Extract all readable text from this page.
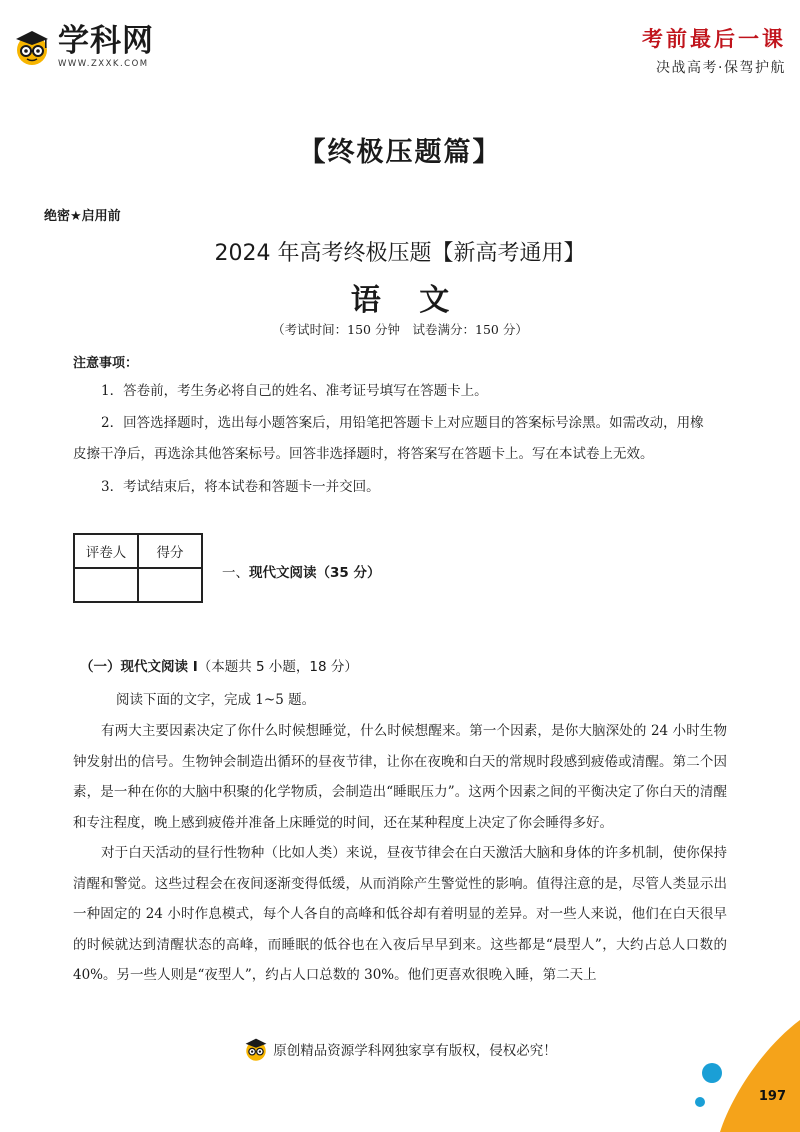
学科网
WWW.ZXXK.COM
考前最后一课
决战高考·保驾护航
【终极压题篇】
绝密★启用前
2024 年高考终极压题【新高考通用】
语 文
（考试时间：150 分钟　试卷满分：150 分）
注意事项：
1．答卷前，考生务必将自己的姓名、准考证号填写在答题卡上。
2．回答选择题时，选出每小题答案后，用铅笔把答题卡上对应题目的答案标号涂黑。如需改动，用橡
皮擦干净后，再选涂其他答案标号。回答非选择题时，将答案写在答题卡上。写在本试卷上无效。
3．考试结束后，将本试卷和答题卡一并交回。
评卷人	得分

一、现代文阅读（35 分）
（一）现代文阅读 I（本题共 5 小题，18 分）
阅读下面的文字，完成 1~5 题。

有两大主要因素决定了你什么时候想睡觉，什么时候想醒来。第一个因素，是你大脑深处的 24 小时生物钟发射出的信号。生物钟会制造出循环的昼夜节律，让你在夜晚和白天的常规时段感到疲倦或清醒。第二个因素，是一种在你的大脑中积聚的化学物质，会制造出“睡眠压力”。这两个因素之间的平衡决定了你白天的清醒和专注程度，晚上感到疲倦并准备上床睡觉的时间，还在某种程度上决定了你会睡得多好。

对于白天活动的昼行性物种（比如人类）来说，昼夜节律会在白天激活大脑和身体的许多机制，使你保持清醒和警觉。这些过程会在夜间逐渐变得低缓，从而消除产生警觉性的影响。值得注意的是，尽管人类显示出一种固定的 24 小时作息模式，每个人各自的高峰和低谷却有着明显的差异。对一些人来说，他们在白天很早的时候就达到清醒状态的高峰，而睡眠的低谷也在入夜后早早到来。这些都是“晨型人”，大约占总人口数的 40%。另一些人则是“夜型人”，约占人口总数的 30%。他们更喜欢很晚入睡，第二天上

原创精品资源学科网独家享有版权，侵权必究！
197
